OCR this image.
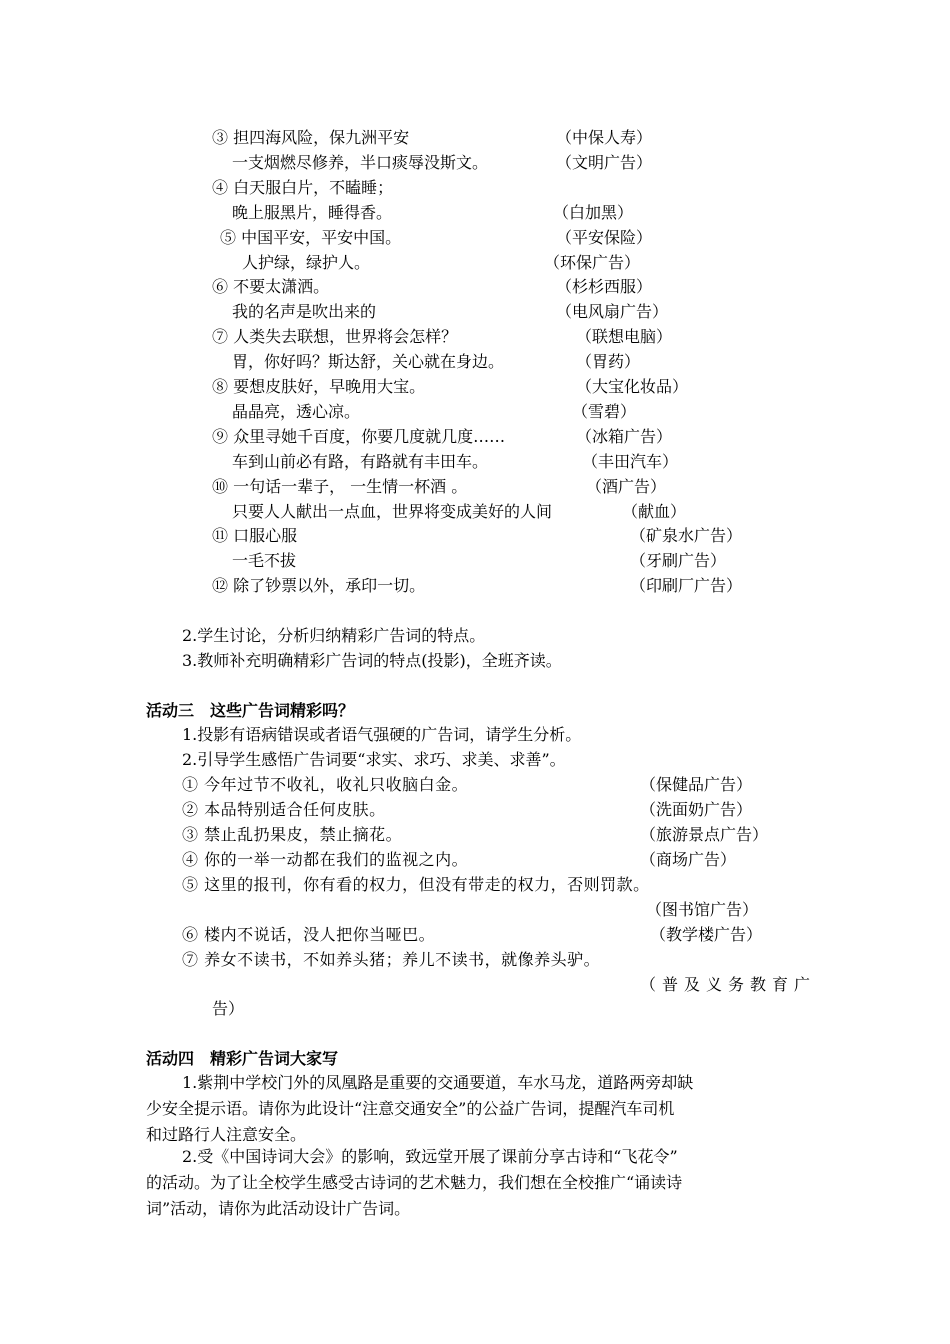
③ 担四海风险，保九洲平安	（中保人寿）
一支烟燃尽修养，半口痰辱没斯文。	（文明广告）
④ 白天服白片，不瞌睡；
晚上服黑片，睡得香。	（白加黑）
⑤ 中国平安，平安中国。	（平安保险）
人护绿，绿护人。	（环保广告）
⑥ 不要太潇洒。	（杉杉西服）
我的名声是吹出来的	（电风扇广告）
⑦ 人类失去联想，世界将会怎样？	（联想电脑）
胃，你好吗？斯达舒，关心就在身边。	（胃药）
⑧ 要想皮肤好，早晚用大宝。	（大宝化妆品）
晶晶亮，透心凉。	（雪碧）
⑨ 众里寻她千百度，你要几度就几度……	（冰箱广告）
车到山前必有路，有路就有丰田车。	（丰田汽车）
⑩ 一句话一辈子， 一生情一杯酒 。	（酒广告）
只要人人献出一点血，世界将变成美好的人间	（献血）
⑪ 口服心服	（矿泉水广告）
一毛不拔	（牙刷广告）
⑫ 除了钞票以外，承印一切。	（印刷厂广告）
2.学生讨论，分析归纳精彩广告词的特点。
3.教师补充明确精彩广告词的特点(投影)，全班齐读。
活动三　这些广告词精彩吗？
1.投影有语病错误或者语气强硬的广告词，请学生分析。
2.引导学生感悟广告词要“求实、求巧、求美、求善”。
① 今年过节不收礼，收礼只收脑白金。	（保健品广告）
② 本品特别适合任何皮肤。	（洗面奶广告）
③ 禁止乱扔果皮，禁止摘花。	（旅游景点广告）
④ 你的一举一动都在我们的监视之内。	（商场广告）
⑤ 这里的报刊，你有看的权力，但没有带走的权力，否则罚款。
（图书馆广告）
⑥ 楼内不说话，没人把你当哑巴。	（教学楼广告）
⑦ 养女不读书，不如养头猪；养儿不读书，就像养头驴。
（普及义务教育广
告）
活动四　精彩广告词大家写
1.紫荆中学校门外的凤凰路是重要的交通要道，车水马龙，道路两旁却缺
少安全提示语。请你为此设计“注意交通安全”的公益广告词，提醒汽车司机
和过路行人注意安全。
2.受《中国诗词大会》的影响，致远堂开展了课前分享古诗和“飞花令”
的活动。为了让全校学生感受古诗词的艺术魅力，我们想在全校推广“诵读诗
词”活动，请你为此活动设计广告词。
